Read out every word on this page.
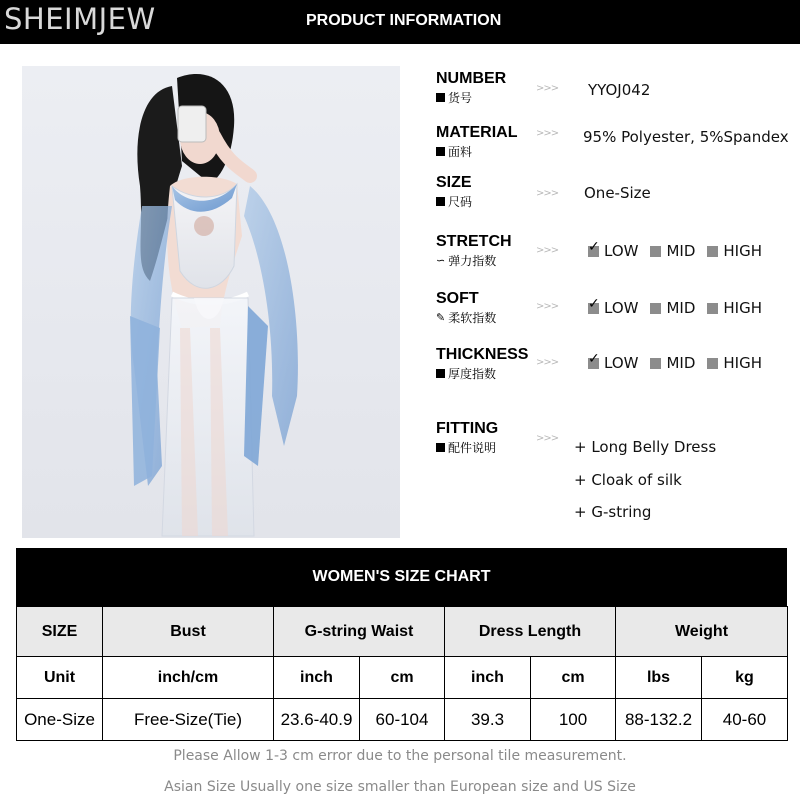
SHEIMJEW	PRODUCT INFORMATION
NUMBER
货号
>>> YYOJ042
MATERIAL
面料
>>> 95% Polyester, 5%Spandex
SIZE
尺码
>>> One-Size
STRETCH
∽ 弹力指数
>>> ✓	LOW MID HIGH
SOFT
✎ 柔软指数
>>> ✓	LOW MID HIGH
THICKNESS
厚度指数
>>> ✓	LOW MID HIGH
FITTING
配件说明
>>> + Long Belly Dress
+ Cloak of silk
+ G-string
WOMEN'S SIZE CHART
SIZE	Bust	G-string Waist		Dress Length		Weight	
Unit	inch/cm	inch	cm	inch	cm	lbs	kg
One-Size	Free-Size(Tie)	23.6-40.9	60-104	39.3	100	88-132.2	40-60
Please Allow 1-3 cm error due to the personal tile measurement.
Asian Size Usually one size smaller than European size and US Size
